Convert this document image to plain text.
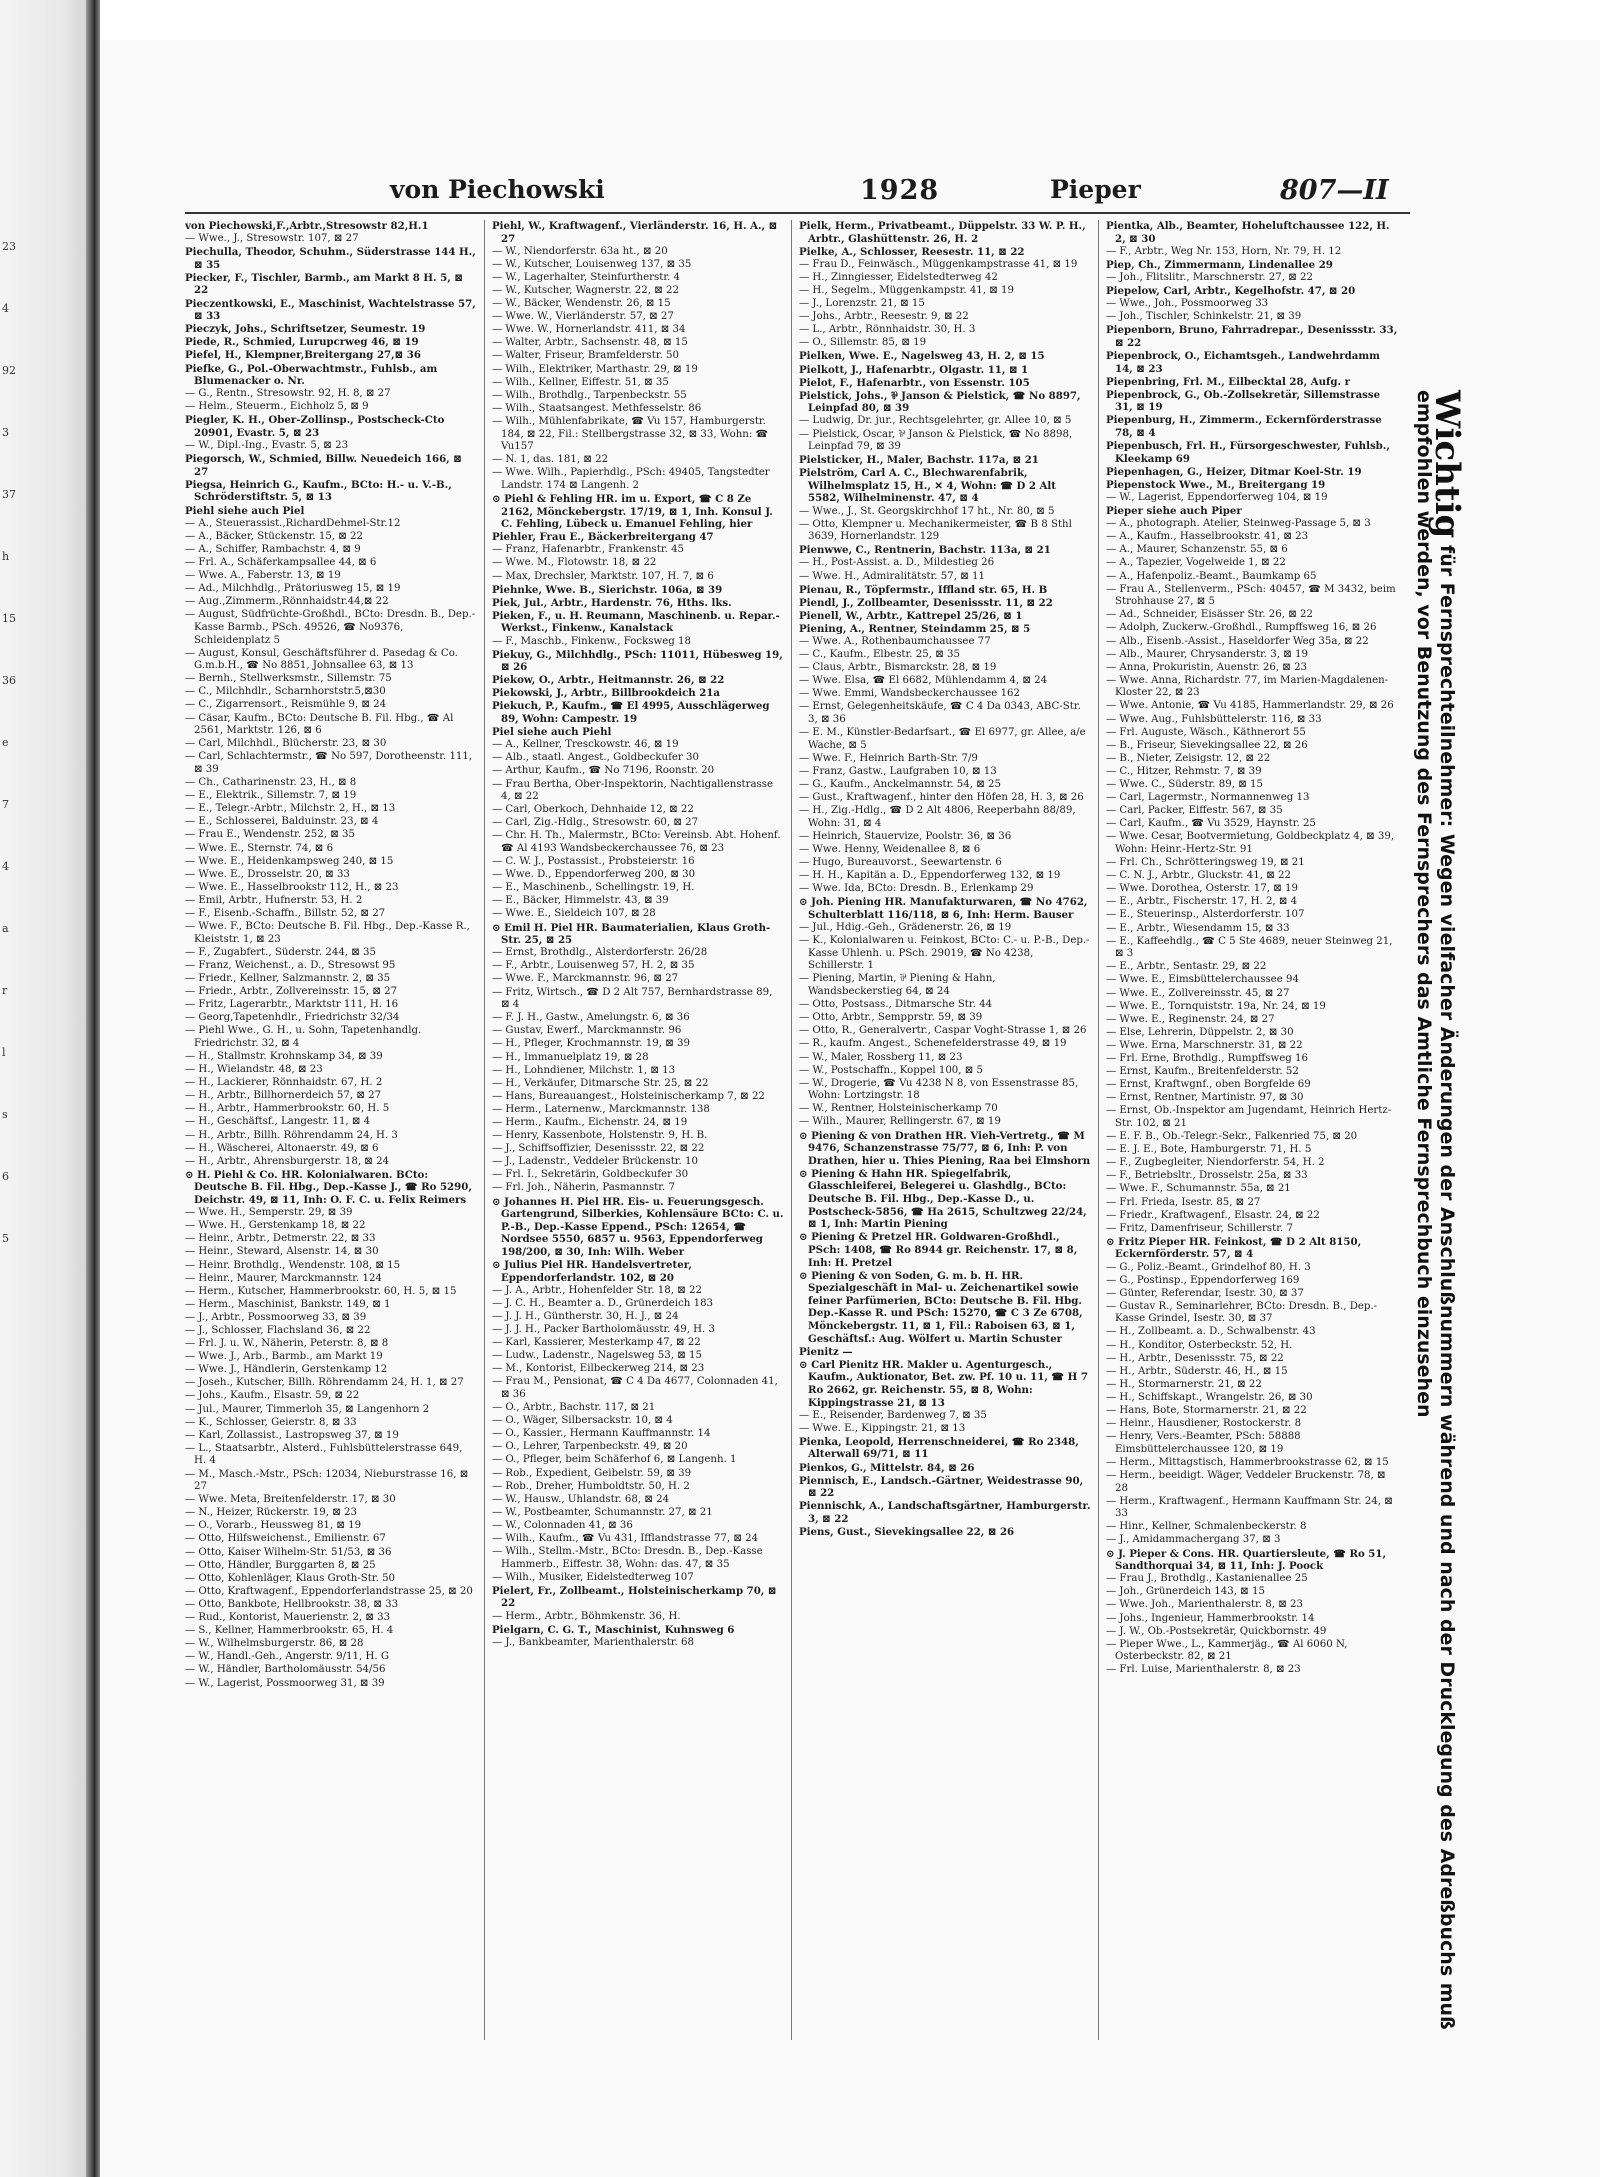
23
4
92
3
37
h
15
36
e
7
4
a
r
l
s
6
5
von Piechowski	1928	Pieper	807—II
von Piechowski,F.,Arbtr.,Stresowstr 82,H.1
— Wwe., J., Stresowstr. 107, ⊠ 27
Piechulla, Theodor, Schuhm., Süderstrasse 144 H., ⊠ 35
Piecker, F., Tischler, Barmb., am Markt 8 H. 5, ⊠ 22
Pieczentkowski, E., Maschinist, Wachtelstrasse 57, ⊠ 33
Pieczyk, Johs., Schriftsetzer, Seumestr. 19
Piede, R., Schmied, Lurupcrweg 46, ⊠ 19
Piefel, H., Klempner,Breitergang 27,⊠ 36
Piefke, G., Pol.-Oberwachtmstr., Fuhlsb., am Blumenacker o. Nr.
— G., Rentn., Stresowstr. 92, H. 8, ⊠ 27
— Helm., Steuerm., Eichholz 5, ⊠ 9
Piegler, K. H., Ober-Zollinsp., Postscheck-Cto 20901, Evastr. 5, ⊠ 23
— W., Dipl.-Ing., Evastr. 5, ⊠ 23
Piegorsch, W., Schmied, Billw. Neuedeich 166, ⊠ 27
Piegsa, Heinrich G., Kaufm., BCto: H.- u. V.-B., Schröderstiftstr. 5, ⊠ 13
Piehl siehe auch Piel
— A., Steuerassist.,RichardDehmel-Str.12
— A., Bäcker, Stückenstr. 15, ⊠ 22
— A., Schiffer, Rambachstr. 4, ⊠ 9
— Frl. A., Schäferkampsallee 44, ⊠ 6
— Wwe. A., Faberstr. 13, ⊠ 19
— Ad., Milchhdlg., Prätoriusweg 15, ⊠ 19
— Aug.,Zimmerm.,Rönnhaidstr.44,⊠ 22
— August, Südfrüchte-Großhdl., BCto: Dresdn. B., Dep.-Kasse Barmb., PSch. 49526, ☎ No9376, Schleidenplatz 5
— August, Konsul, Geschäftsführer d. Pasedag & Co. G.m.b.H., ☎ No 8851, Johnsallee 63, ⊠ 13
— Bernh., Stellwerksmstr., Sillemstr. 75
— C., Milchhdlr., Scharnhorststr.5,⊠30
— C., Zigarrensort., Reismühle 9, ⊠ 24
— Cäsar, Kaufm., BCto: Deutsche B. Fil. Hbg., ☎ Al 2561, Marktstr. 126, ⊠ 6
— Carl, Milchhdl., Blücherstr. 23, ⊠ 30
— Carl, Schlachtermstr., ☎ No 597, Dorotheenstr. 111, ⊠ 39
— Ch., Catharinenstr. 23, H., ⊠ 8
— E., Elektrik., Sillemstr. 7, ⊠ 19
— E., Telegr.-Arbtr., Milchstr. 2, H., ⊠ 13
— E., Schlosserei, Balduinstr. 23, ⊠ 4
— Frau E., Wendenstr. 252, ⊠ 35
— Wwe. E., Sternstr. 74, ⊠ 6
— Wwe. E., Heidenkampsweg 240, ⊠ 15
— Wwe. E., Drosselstr. 20, ⊠ 33
— Wwe. E., Hasselbrookstr 112, H., ⊠ 23
— Emil, Arbtr., Hufnerstr. 53, H. 2
— F., Eisenb.-Schaffn., Billstr. 52, ⊠ 27
— Wwe. F., BCto: Deutsche B. Fil. Hbg., Dep.-Kasse R., Kleiststr. 1, ⊠ 23
— F., Zugabfert., Süderstr. 244, ⊠ 35
— Franz, Weichenst., a. D., Stresowst 95
— Friedr., Kellner, Salzmannstr. 2, ⊠ 35
— Friedr., Arbtr., Zollvereinsstr. 15, ⊠ 27
— Fritz, Lagerarbtr., Marktstr 111, H. 16
— Georg,Tapetenhdlr., Friedrichstr 32/34
— Piehl Wwe., G. H., u. Sohn, Tapetenhandlg. Friedrichstr. 32, ⊠ 4
— H., Stallmstr. Krohnskamp 34, ⊠ 39
— H., Wielandstr. 48, ⊠ 23
— H., Lackierer, Rönnhaidstr. 67, H. 2
— H., Arbtr., Billhornerdeich 57, ⊠ 27
— H., Arbtr., Hammerbrookstr. 60, H. 5
— H., Geschäftsf., Langestr. 11, ⊠ 4
— H., Arbtr., Billh. Röhrendamm 24, H. 3
— H., Wäscherei, Altonaerstr. 49, ⊠ 6
— H., Arbtr., Ahrensburgerstr. 18, ⊠ 24
⊙ H. Piehl & Co. HR. Kolonialwaren. BCto: Deutsche B. Fil. Hbg., Dep.-Kasse J., ☎ Ro 5290, Deichstr. 49, ⊠ 11, Inh: O. F. C. u. Felix Reimers
— Wwe. H., Semperstr. 29, ⊠ 39
— Wwe. H., Gerstenkamp 18, ⊠ 22
— Heinr., Arbtr., Detmerstr. 22, ⊠ 33
— Heinr., Steward, Alsenstr. 14, ⊠ 30
— Heinr. Brothdlg., Wendenstr. 108, ⊠ 15
— Heinr., Maurer, Marckmannstr. 124
— Herm., Kutscher, Hammerbrookstr. 60, H. 5, ⊠ 15
— Herm., Maschinist, Bankstr. 149, ⊠ 1
— J., Arbtr., Possmoorweg 33, ⊠ 39
— J., Schlosser, Flachsland 36, ⊠ 22
— Frl. J. u. W., Näherin, Peterstr. 8, ⊠ 8
— Wwe. J., Arb., Barmb., am Markt 19
— Wwe. J., Händlerin, Gerstenkamp 12
— Joseh., Kutscher, Billh. Röhrendamm 24, H. 1, ⊠ 27
— Johs., Kaufm., Elsastr. 59, ⊠ 22
— Jul., Maurer, Timmerloh 35, ⊠ Langenhorn 2
— K., Schlosser, Geierstr. 8, ⊠ 33
— Karl, Zollassist., Lastropsweg 37, ⊠ 19
— L., Staatsarbtr., Alsterd., Fuhlsbüttelerstrasse 649, H. 4
— M., Masch.-Mstr., PSch: 12034, Nieburstrasse 16, ⊠ 27
— Wwe. Meta, Breitenfelderstr. 17, ⊠ 30
— N., Heizer, Rückerstr. 19, ⊠ 23
— O., Vorarb., Heussweg 81, ⊠ 19
— Otto, Hilfsweichenst., Emilienstr. 67
— Otto, Kaiser Wilhelm-Str. 51/53, ⊠ 36
— Otto, Händler, Burggarten 8, ⊠ 25
— Otto, Kohlenläger, Klaus Groth-Str. 50
— Otto, Kraftwagenf., Eppendorferlandstrasse 25, ⊠ 20
— Otto, Bankbote, Hellbrookstr. 38, ⊠ 33
— Rud., Kontorist, Mauerienstr. 2, ⊠ 33
— S., Kellner, Hammerbrookstr. 65, H. 4
— W., Wilhelmsburgerstr. 86, ⊠ 28
— W., Handl.-Geh., Angerstr. 9/11, H. G
— W., Händler, Bartholomäusstr. 54/56
— W., Lagerist, Possmoorweg 31, ⊠ 39
Piehl, W., Kraftwagenf., Vierländerstr. 16, H. A., ⊠ 27
— W., Niendorferstr. 63a ht., ⊠ 20
— W., Kutscher, Louisenweg 137, ⊠ 35
— W., Lagerhalter, Steinfurtherstr. 4
— W., Kutscher, Wagnerstr. 22, ⊠ 22
— W., Bäcker, Wendenstr. 26, ⊠ 15
— Wwe. W., Vierländerstr. 57, ⊠ 27
— Wwe. W., Hornerlandstr. 411, ⊠ 34
— Walter, Arbtr., Sachsenstr. 48, ⊠ 15
— Walter, Friseur, Bramfelderstr. 50
— Wilh., Elektriker, Marthastr. 29, ⊠ 19
— Wilh., Kellner, Eiffestr. 51, ⊠ 35
— Wilh., Brothdlg., Tarpenbeckstr. 55
— Wilh., Staatsangest. Methfesselstr. 86
— Wilh., Mühlenfabrikate, ☎ Vu 157, Hamburgerstr. 184, ⊠ 22, Fil.: Stellbergstrasse 32, ⊠ 33, Wohn: ☎ Vu157
— N. 1, das. 181, ⊠ 22
— Wwe. Wilh., Papierhdlg., PSch: 49405, Tangstedter Landstr. 174 ⊠ Langenh. 2
⊙ Piehl & Fehling HR. im u. Export, ☎ C 8 Ze 2162, Mönckebergstr. 17/19, ⊠ 1, Inh. Konsul J. C. Fehling, Lübeck u. Emanuel Fehling, hier
Piehler, Frau E., Bäckerbreitergang 47
— Franz, Hafenarbtr., Frankenstr. 45
— Wwe. M., Flotowstr. 18, ⊠ 22
— Max, Drechsler, Marktstr. 107, H. 7, ⊠ 6
Piehnke, Wwe. B., Sierichstr. 106a, ⊠ 39
Piek, Jul., Arbtr., Hardenstr. 76, Hths. lks.
Pieken, F., u. H. Reumann, Maschinenb. u. Repar.-Werkst., Finkenw., Kanalstack
— F., Maschb., Finkenw., Focksweg 18
Piekuy, G., Milchhdlg., PSch: 11011, Hübesweg 19, ⊠ 26
Piekow, O., Arbtr., Heitmannstr. 26, ⊠ 22
Piekowski, J., Arbtr., Billbrookdeich 21a
Piekuch, P., Kaufm., ☎ El 4995, Ausschlägerweg 89, Wohn: Campestr. 19
Piel siehe auch Piehl
— A., Kellner, Tresckowstr. 46, ⊠ 19
— Alb., staatl. Angest., Goldbeckufer 30
— Arthur, Kaufm., ☎ No 7196, Roonstr. 20
— Frau Bertha, Ober-Inspektorin, Nachtigallenstrasse 4, ⊠ 22
— Carl, Oberkoch, Dehnhaide 12, ⊠ 22
— Carl, Zig.-Hdlg., Stresowstr. 60, ⊠ 27
— Chr. H. Th., Malermstr., BCto: Vereinsb. Abt. Hohenf. ☎ Al 4193 Wandsbeckerchaussee 76, ⊠ 23
— C. W. J., Postassist., Probsteierstr. 16
— Wwe. D., Eppendorferweg 200, ⊠ 30
— E., Maschinenb., Schellingstr. 19, H.
— E., Bäcker, Himmelstr. 43, ⊠ 39
— Wwe. E., Sieldeich 107, ⊠ 28
⊙ Emil H. Piel HR. Baumaterialien, Klaus Groth-Str. 25, ⊠ 25
— Ernst, Brothdlg., Alsterdorferstr. 26/28
— F., Arbtr., Louisenweg 57, H. 2, ⊠ 35
— Wwe. F., Marckmannstr. 96, ⊠ 27
— Fritz, Wirtsch., ☎ D 2 Alt 757, Bernhardstrasse 89, ⊠ 4
— F. J. H., Gastw., Amelungstr. 6, ⊠ 36
— Gustav, Ewerf., Marckmannstr. 96
— H., Pfleger, Krochmannstr. 19, ⊠ 39
— H., Immanuelplatz 19, ⊠ 28
— H., Lohndiener, Milchstr. 1, ⊠ 13
— H., Verkäufer, Ditmarsche Str. 25, ⊠ 22
— Hans, Bureauangest., Holsteinischerkamp 7, ⊠ 22
— Herm., Laternenw., Marckmannstr. 138
— Herm., Kaufm., Eichenstr. 24, ⊠ 19
— Henry, Kassenbote, Holstenstr. 9, H. B.
— J., Schiffsoffizier, Desenissstr. 22, ⊠ 22
— J., Ladenstr., Veddeler Brückenstr. 10
— Frl. I., Sekretärin, Goldbeckufer 30
— Frl. Joh., Näherin, Pasmannstr. 7
⊙ Johannes H. Piel HR. Eis- u. Feuerungsgesch. Gartengrund, Silberkies, Kohlensäure BCto: C. u. P.-B., Dep.-Kasse Eppend., PSch: 12654, ☎ Nordsee 5550, 6857 u. 9563, Eppendorferweg 198/200, ⊠ 30, Inh: Wilh. Weber
⊙ Julius Piel HR. Handelsvertreter, Eppendorferlandstr. 102, ⊠ 20
— J. A., Arbtr., Hohenfelder Str. 18, ⊠ 22
— J. C. H., Beamter a. D., Grünerdeich 183
— J. J. H., Güntherstr. 30, H. J., ⊠ 24
— J. J. H., Packer Bartholomäusstr. 49, H. 3
— Karl, Kassierer, Mesterkamp 47, ⊠ 22
— Ludw., Ladenstr., Nagelsweg 53, ⊠ 15
— M., Kontorist, Eilbeckerweg 214, ⊠ 23
— Frau M., Pensionat, ☎ C 4 Da 4677, Colonnaden 41, ⊠ 36
— O., Arbtr., Bachstr. 117, ⊠ 21
— O., Wäger, Silbersackstr. 10, ⊠ 4
— O., Kassier., Hermann Kauffmannstr. 14
— O., Lehrer, Tarpenbeckstr. 49, ⊠ 20
— O., Pfleger, beim Schäferhof 6, ⊠ Langenh. 1
— Rob., Expedient, Geibelstr. 59, ⊠ 39
— Rob., Dreher, Humboldtstr. 50, H. 2
— W., Hausw., Uhlandstr. 68, ⊠ 24
— W., Postbeamter, Schumannstr. 27, ⊠ 21
— W., Colonnaden 41, ⊠ 36
— Wilh., Kaufm., ☎ Vu 431, Ifflandstrasse 77, ⊠ 24
— Wilh., Stellm.-Mstr., BCto: Dresdn. B., Dep.-Kasse Hammerb., Eiffestr. 38, Wohn: das. 47, ⊠ 35
— Wilh., Musiker, Eidelstedterweg 107
Pielert, Fr., Zollbeamt., Holsteinischerkamp 70, ⊠ 22
— Herm., Arbtr., Böhmkenstr. 36, H.
Pielgarn, C. G. T., Maschinist, Kuhnsweg 6
— J., Bankbeamter, Marienthalerstr. 68
Pielk, Herm., Privatbeamt., Düppelstr. 33 W. P. H., Arbtr., Glashüttenstr. 26, H. 2
Pielke, A., Schlosser, Reesestr. 11, ⊠ 22
— Frau D., Feinwäsch., Müggenkampstrasse 41, ⊠ 19
— H., Zinngiesser, Eidelstedterweg 42
— H., Segelm., Müggenkampstr. 41, ⊠ 19
— J., Lorenzstr. 21, ⊠ 15
— Johs., Arbtr., Reesestr. 9, ⊠ 22
— L., Arbtr., Rönnhaidstr. 30, H. 3
— O., Sillemstr. 85, ⊠ 19
Pielken, Wwe. E., Nagelsweg 43, H. 2, ⊠ 15
Pielkott, J., Hafenarbtr., Olgastr. 11, ⊠ 1
Pielot, F., Hafenarbtr., von Essenstr. 105
Pielstick, Johs., ⅌ Janson & Pielstick, ☎ No 8897, Leinpfad 80, ⊠ 39
— Ludwig, Dr. jur., Rechtsgelehrter, gr. Allee 10, ⊠ 5
— Pielstick, Oscar, ⅌ Janson & Pielstick, ☎ No 8898, Leinpfad 79, ⊠ 39
Pielsticker, H., Maler, Bachstr. 117a, ⊠ 21
Pielström, Carl A. C., Blechwarenfabrik, Wilhelmsplatz 15, H., ✕ 4, Wohn: ☎ D 2 Alt 5582, Wilhelminenstr. 47, ⊠ 4
— Wwe., J., St. Georgskirchhof 17 ht., Nr. 80, ⊠ 5
— Otto, Klempner u. Mechanikermeister, ☎ B 8 Sthl 3639, Hornerlandstr. 129
Pienwwe, C., Rentnerin, Bachstr. 113a, ⊠ 21
— H., Post-Assist. a. D., Mildestieg 26
— Wwe. H., Admiralitätstr. 57, ⊠ 11
Pienau, R., Töpfermstr., Iffland str. 65, H. B
Piendl, J., Zollbeamter, Desenissstr. 11, ⊠ 22
Pienell, W., Arbtr., Kattrepel 25/26, ⊠ 1
Piening, A., Rentner, Steindamm 25, ⊠ 5
— Wwe. A., Rothenbaumchaussee 77
— C., Kaufm., Elbestr. 25, ⊠ 35
— Claus, Arbtr., Bismarckstr. 28, ⊠ 19
— Wwe. Elsa, ☎ El 6682, Mühlendamm 4, ⊠ 24
— Wwe. Emmi, Wandsbeckerchaussee 162
— Ernst, Gelegenheitskäufe, ☎ C 4 Da 0343, ABC-Str. 3, ⊠ 36
— E. M., Künstler-Bedarfsart., ☎ El 6977, gr. Allee, a/e Wache, ⊠ 5
— Wwe. F., Heinrich Barth-Str. 7/9
— Franz, Gastw., Laufgraben 10, ⊠ 13
— G., Kaufm., Anckelmannstr. 54, ⊠ 25
— Gust., Kraftwagenf., hinter den Höfen 28, H. 3, ⊠ 26
— H., Zig.-Hdlg., ☎ D 2 Alt 4806, Reeperbahn 88/89, Wohn: 31, ⊠ 4
— Heinrich, Stauervize, Poolstr. 36, ⊠ 36
— Wwe. Henny, Weidenallee 8, ⊠ 6
— Hugo, Bureauvorst., Seewartenstr. 6
— H. H., Kapitän a. D., Eppendorferweg 132, ⊠ 19
— Wwe. Ida, BCto: Dresdn. B., Erlenkamp 29
⊙ Joh. Piening HR. Manufakturwaren, ☎ No 4762, Schulterblatt 116/118, ⊠ 6, Inh: Herm. Bauser
— Jul., Hdig.-Geh., Grädenerstr. 26, ⊠ 19
— K., Kolonialwaren u. Feinkost, BCto: C.- u. P.-B., Dep.-Kasse Uhlenh. u. PSch. 29019, ☎ No 4238, Schillerstr. 1
— Piening, Martin, ⅌ Piening & Hahn, Wandsbeckerstieg 64, ⊠ 24
— Otto, Postsass., Ditmarsche Str. 44
— Otto, Arbtr., Sempprstr. 59, ⊠ 39
— Otto, R., Generalvertr., Caspar Voght-Strasse 1, ⊠ 26
— R., kaufm. Angest., Schenefelderstrasse 49, ⊠ 19
— W., Maler, Rossberg 11, ⊠ 23
— W., Postschaffn., Koppel 100, ⊠ 5
— W., Drogerie, ☎ Vu 4238 N 8, von Essenstrasse 85, Wohn: Lortzingstr. 18
— W., Rentner, Holsteinischerkamp 70
— Wilh., Maurer, Rellingerstr. 67, ⊠ 19
⊙ Piening & von Drathen HR. Vieh-Vertretg., ☎ M 9476, Schanzenstrasse 75/77, ⊠ 6, Inh: P. von Drathen, hier u. Thies Piening, Raa bei Elmshorn
⊙ Piening & Hahn HR. Spiegelfabrik, Glasschleiferei, Belegerei u. Glashdlg., BCto: Deutsche B. Fil. Hbg., Dep.-Kasse D., u. Postscheck-5856, ☎ Ha 2615, Schultzweg 22/24, ⊠ 1, Inh: Martin Piening
⊙ Piening & Pretzel HR. Goldwaren-Großhdl., PSch: 1408, ☎ Ro 8944 gr. Reichenstr. 17, ⊠ 8, Inh: H. Pretzel
⊙ Piening & von Soden, G. m. b. H. HR. Spezialgeschäft in Mal- u. Zeichenartikel sowie feiner Parfümerien, BCto: Deutsche B. Fil. Hbg. Dep.-Kasse R. und PSch: 15270, ☎ C 3 Ze 6708, Mönckebergstr. 11, ⊠ 1, Fil.: Raboisen 63, ⊠ 1, Geschäftsf.: Aug. Wölfert u. Martin Schuster
Pienitz —
⊙ Carl Pienitz HR. Makler u. Agenturgesch., Kaufm., Auktionator, Bet. zw. Pf. 10 u. 11, ☎ H 7 Ro 2662, gr. Reichenstr. 55, ⊠ 8, Wohn: Kippingstrasse 21, ⊠ 13
— E., Reisender, Bardenweg 7, ⊠ 35
— Wwe. E., Kippingstr. 21, ⊠ 13
Pienka, Leopold, Herrenschneiderei, ☎ Ro 2348, Alterwall 69/71, ⊠ 11
Pienkos, G., Mittelstr. 84, ⊠ 26
Piennisch, E., Landsch.-Gärtner, Weidestrasse 90, ⊠ 22
Piennischk, A., Landschaftsgärtner, Hamburgerstr. 3, ⊠ 22
Piens, Gust., Sievekingsallee 22, ⊠ 26
Pientka, Alb., Beamter, Hoheluftchaussee 122, H. 2, ⊠ 30
— F., Arbtr., Weg Nr. 153, Horn, Nr. 79, H. 12
Piep, Ch., Zimmermann, Lindenallee 29
— Joh., Flitslitr., Marschnerstr. 27, ⊠ 22
Piepelow, Carl, Arbtr., Kegelhofstr. 47, ⊠ 20
— Wwe., Joh., Possmoorweg 33
— Joh., Tischler, Schinkelstr. 21, ⊠ 39
Piepenborn, Bruno, Fahrradrepar., Desenissstr. 33, ⊠ 22
Piepenbrock, O., Eichamtsgeh., Landwehrdamm 14, ⊠ 23
Piepenbring, Frl. M., Eilbecktal 28, Aufg. r
Piepenbrock, G., Ob.-Zollsekretär, Sillemstrasse 31, ⊠ 19
Piepenburg, H., Zimmerm., Eckernförderstrasse 78, ⊠ 4
Piepenbusch, Frl. H., Fürsorgeschwester, Fuhlsb., Kleekamp 69
Piepenhagen, G., Heizer, Ditmar Koel-Str. 19
Piepenstock Wwe., M., Breitergang 19
— W., Lagerist, Eppendorferweg 104, ⊠ 19
Pieper siehe auch Piper
— A., photograph. Atelier, Steinweg-Passage 5, ⊠ 3
— A., Kaufm., Hasselbrookstr. 41, ⊠ 23
— A., Maurer, Schanzenstr. 55, ⊠ 6
— A., Tapezier, Vogelweide 1, ⊠ 22
— A., Hafenpoliz.-Beamt., Baumkamp 65
— Frau A., Stellenverm., PSch: 40457, ☎ M 3432, beim Strohhause 27, ⊠ 5
— Ad., Schneider, Eisässer Str. 26, ⊠ 22
— Adolph, Zuckerw.-Großhdl., Rumpffsweg 16, ⊠ 26
— Alb., Eisenb.-Assist., Haseldorfer Weg 35a, ⊠ 22
— Alb., Maurer, Chrysanderstr. 3, ⊠ 19
— Anna, Prokuristin, Auenstr. 26, ⊠ 23
— Wwe. Anna, Richardstr. 77, im Marien-Magdalenen-Kloster 22, ⊠ 23
— Wwe. Antonie, ☎ Vu 4185, Hammerlandstr. 29, ⊠ 26
— Wwe. Aug., Fuhlsbüttelerstr. 116, ⊠ 33
— Frl. Auguste, Wäsch., Käthnerort 55
— B., Friseur, Sievekingsallee 22, ⊠ 26
— B., Nieter, Zeisigstr. 12, ⊠ 22
— C., Hitzer, Rehmstr. 7, ⊠ 39
— Wwe. C., Süderstr. 89, ⊠ 15
— Carl, Lagermstr., Normannenweg 13
— Carl, Packer, Eiffestr. 567, ⊠ 35
— Carl, Kaufm., ☎ Vu 3529, Haynstr. 25
— Wwe. Cesar, Bootvermietung, Goldbeckplatz 4, ⊠ 39, Wohn: Heinr.-Hertz-Str. 91
— Frl. Ch., Schrötteringsweg 19, ⊠ 21
— C. N. J., Arbtr., Gluckstr. 41, ⊠ 22
— Wwe. Dorothea, Osterstr. 17, ⊠ 19
— E., Arbtr., Fischerstr. 17, H. 2, ⊠ 4
— E., Steuerinsp., Alsterdorferstr. 107
— E., Arbtr., Wiesendamm 15, ⊠ 33
— E., Kaffeehdlg., ☎ C 5 Ste 4689, neuer Steinweg 21, ⊠ 3
— E., Arbtr., Sentastr. 29, ⊠ 22
— Wwe. E., Eimsbüttelerchaussee 94
— Wwe. E., Zollvereinsstr. 45, ⊠ 27
— Wwe. E., Tornquiststr. 19a, Nr. 24, ⊠ 19
— Wwe. E., Reginenstr. 24, ⊠ 27
— Else, Lehrerin, Düppelstr. 2, ⊠ 30
— Wwe. Erna, Marschnerstr. 31, ⊠ 22
— Frl. Erne, Brothdlg., Rumpffsweg 16
— Ernst, Kaufm., Breitenfelderstr. 52
— Ernst, Kraftwgnf., oben Borgfelde 69
— Ernst, Rentner, Martinistr. 97, ⊠ 30
— Ernst, Ob.-Inspektor am Jugendamt, Heinrich Hertz-Str. 102, ⊠ 21
— E. F. B., Ob.-Telegr.-Sekr., Falkenried 75, ⊠ 20
— E. J. E., Bote, Hamburgerstr. 71, H. 5
— F., Zugbegleiter, Niendorferstr. 54, H. 2
— F., Betriebsltr., Drosselstr. 25a, ⊠ 33
— Wwe. F., Schumannstr. 55a, ⊠ 21
— Frl. Frieda, Isestr. 85, ⊠ 27
— Friedr., Kraftwagenf., Elsastr. 24, ⊠ 22
— Fritz, Damenfriseur, Schillerstr. 7
⊙ Fritz Pieper HR. Feinkost, ☎ D 2 Alt 8150, Eckernförderstr. 57, ⊠ 4
— G., Poliz.-Beamt., Grindelhof 80, H. 3
— G., Postinsp., Eppendorferweg 169
— Günter, Referendar, Isestr. 30, ⊠ 37
— Gustav R., Seminarlehrer, BCto: Dresdn. B., Dep.-Kasse Grindel, Isestr. 30, ⊠ 37
— H., Zollbeamt. a. D., Schwalbenstr. 43
— H., Konditor, Osterbeckstr. 52, H.
— H., Arbtr., Desenissstr. 75, ⊠ 22
— H., Arbtr., Süderstr. 46, H., ⊠ 15
— H., Stormarnerstr. 21, ⊠ 22
— H., Schiffskapt., Wrangelstr. 26, ⊠ 30
— Hans, Bote, Stormarnerstr. 21, ⊠ 22
— Heinr., Hausdiener, Rostockerstr. 8
— Henry, Vers.-Beamter, PSch: 58888 Eimsbüttelerchaussee 120, ⊠ 19
— Herm., Mittagstisch, Hammerbrookstrasse 62, ⊠ 15
— Herm., beeidigt. Wäger, Veddeler Bruckenstr. 78, ⊠ 28
— Herm., Kraftwagenf., Hermann Kauffmann Str. 24, ⊠ 33
— Hinr., Kellner, Schmalenbeckerstr. 8
— J., Amidammachergang 37, ⊠ 3
⊙ J. Pieper & Cons. HR. Quartiersleute, ☎ Ro 51, Sandthorquai 34, ⊠ 11, Inh: J. Poock
— Frau J., Brothdlg., Kastanienallee 25
— Joh., Grünerdeich 143, ⊠ 15
— Wwe. Joh., Marienthalerstr. 8, ⊠ 23
— Johs., Ingenieur, Hammerbrookstr. 14
— J. W., Ob.-Postsekretär, Quickbornstr. 49
— Pieper Wwe., L., Kammerjäg., ☎ Al 6060 N, Osterbeckstr. 82, ⊠ 21
— Frl. Luise, Marienthalerstr. 8, ⊠ 23
Wichtig für Fernsprechteilnehmer: Wegen vielfacher Änderungen der Anschlußnummern während und nach der Drucklegung des Adreßbuchs muß empfohlen werden, vor Benutzung des Fernsprechers das Amtliche Fernsprechbuch einzusehen
